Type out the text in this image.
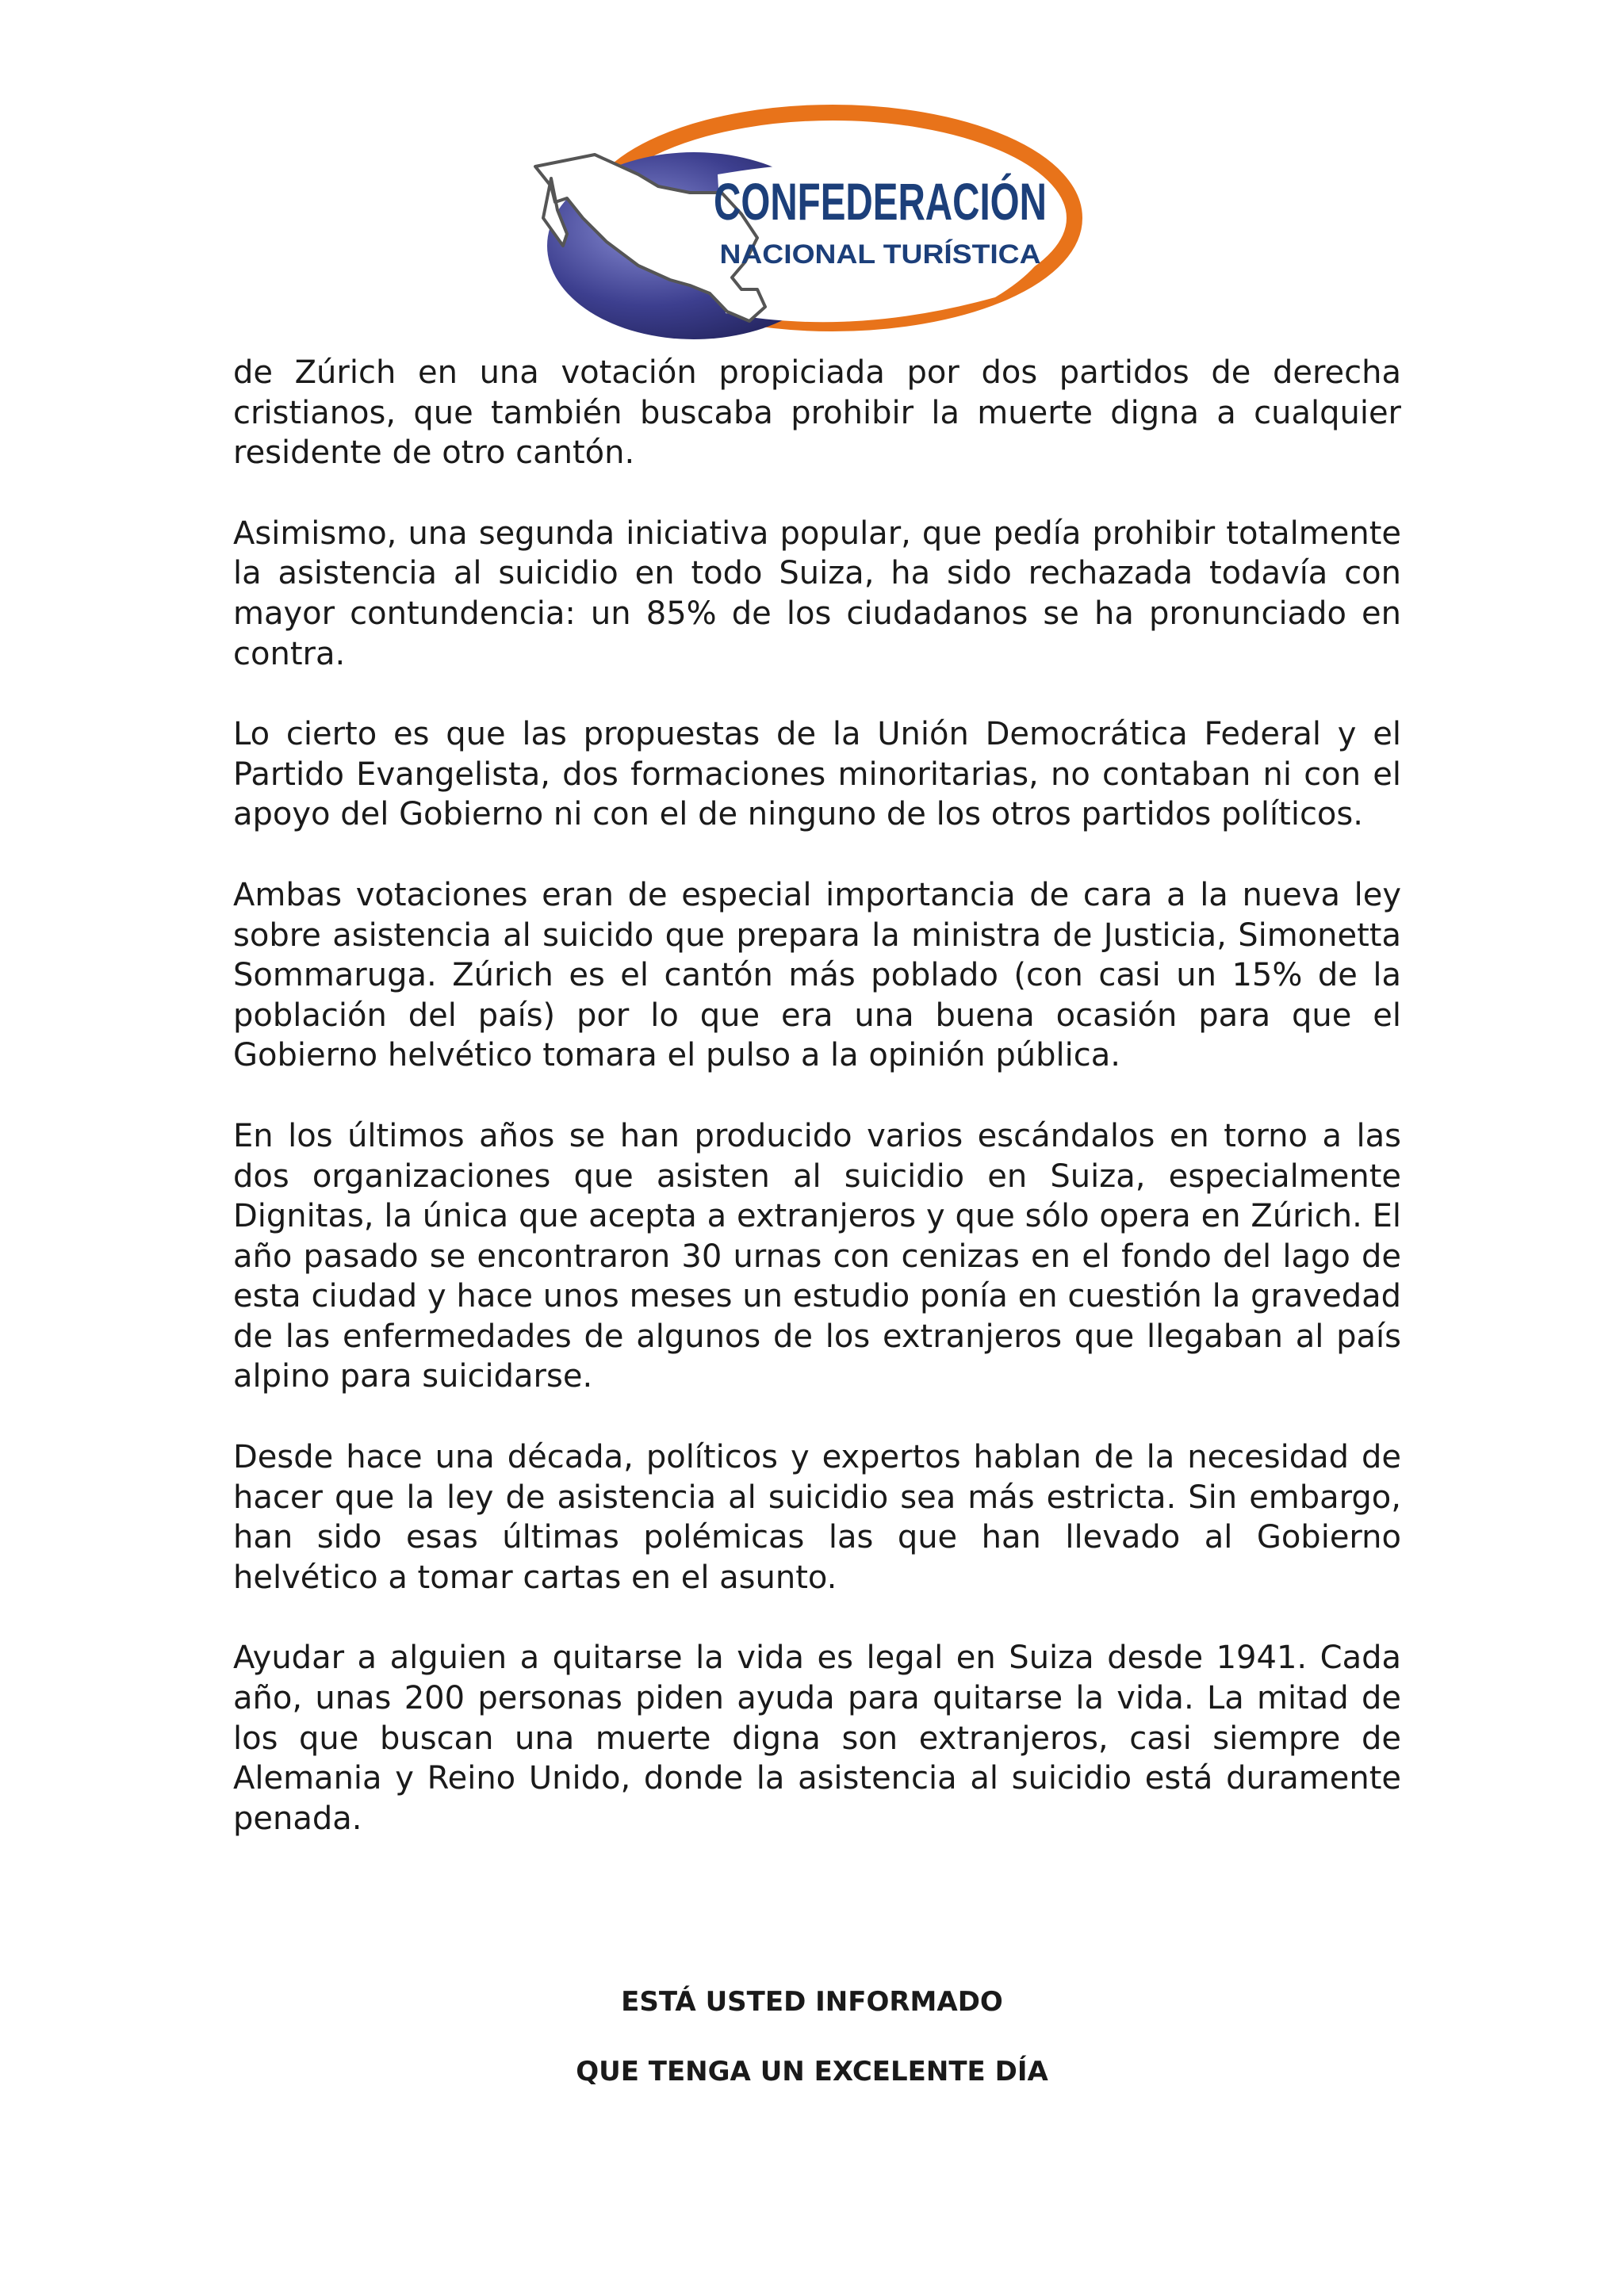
CONFEDERACIÓN
NACIONAL TURÍSTICA

de Zúrich en una votación propiciada por dos partidos de derecha cristianos, que también buscaba prohibir la muerte digna a cualquier residente de otro cantón.

Asimismo, una segunda iniciativa popular, que pedía prohibir totalmente la asistencia al suicidio en todo Suiza, ha sido rechazada todavía con mayor contundencia: un 85% de los ciudadanos se ha pronunciado en contra.

Lo cierto es que las propuestas de la Unión Democrática Federal y el Partido Evangelista, dos formaciones minoritarias, no contaban ni con el apoyo del Gobierno ni con el de ninguno de los otros partidos políticos.

Ambas votaciones eran de especial importancia de cara a la nueva ley sobre asistencia al suicido que prepara la ministra de Justicia, Simonetta Sommaruga. Zúrich es el cantón más poblado (con casi un 15% de la población del país) por lo que era una buena ocasión para que el Gobierno helvético tomara el pulso a la opinión pública.

En los últimos años se han producido varios escándalos en torno a las dos organizaciones que asisten al suicidio en Suiza, especialmente Dignitas, la única que acepta a extranjeros y que sólo opera en Zúrich. El año pasado se encontraron 30 urnas con cenizas en el fondo del lago de esta ciudad y hace unos meses un estudio ponía en cuestión la gravedad de las enfermedades de algunos de los extranjeros que llegaban al país alpino para suicidarse.

Desde hace una década, políticos y expertos hablan de la necesidad de hacer que la ley de asistencia al suicidio sea más estricta. Sin embargo, han sido esas últimas polémicas las que han llevado al Gobierno helvético a tomar cartas en el asunto.

Ayudar a alguien a quitarse la vida es legal en Suiza desde 1941. Cada año, unas 200 personas piden ayuda para quitarse la vida. La mitad de los que buscan una muerte digna son extranjeros, casi siempre de Alemania y Reino Unido, donde la asistencia al suicidio está duramente penada.

ESTÁ USTED INFORMADO

QUE TENGA UN EXCELENTE DÍA
